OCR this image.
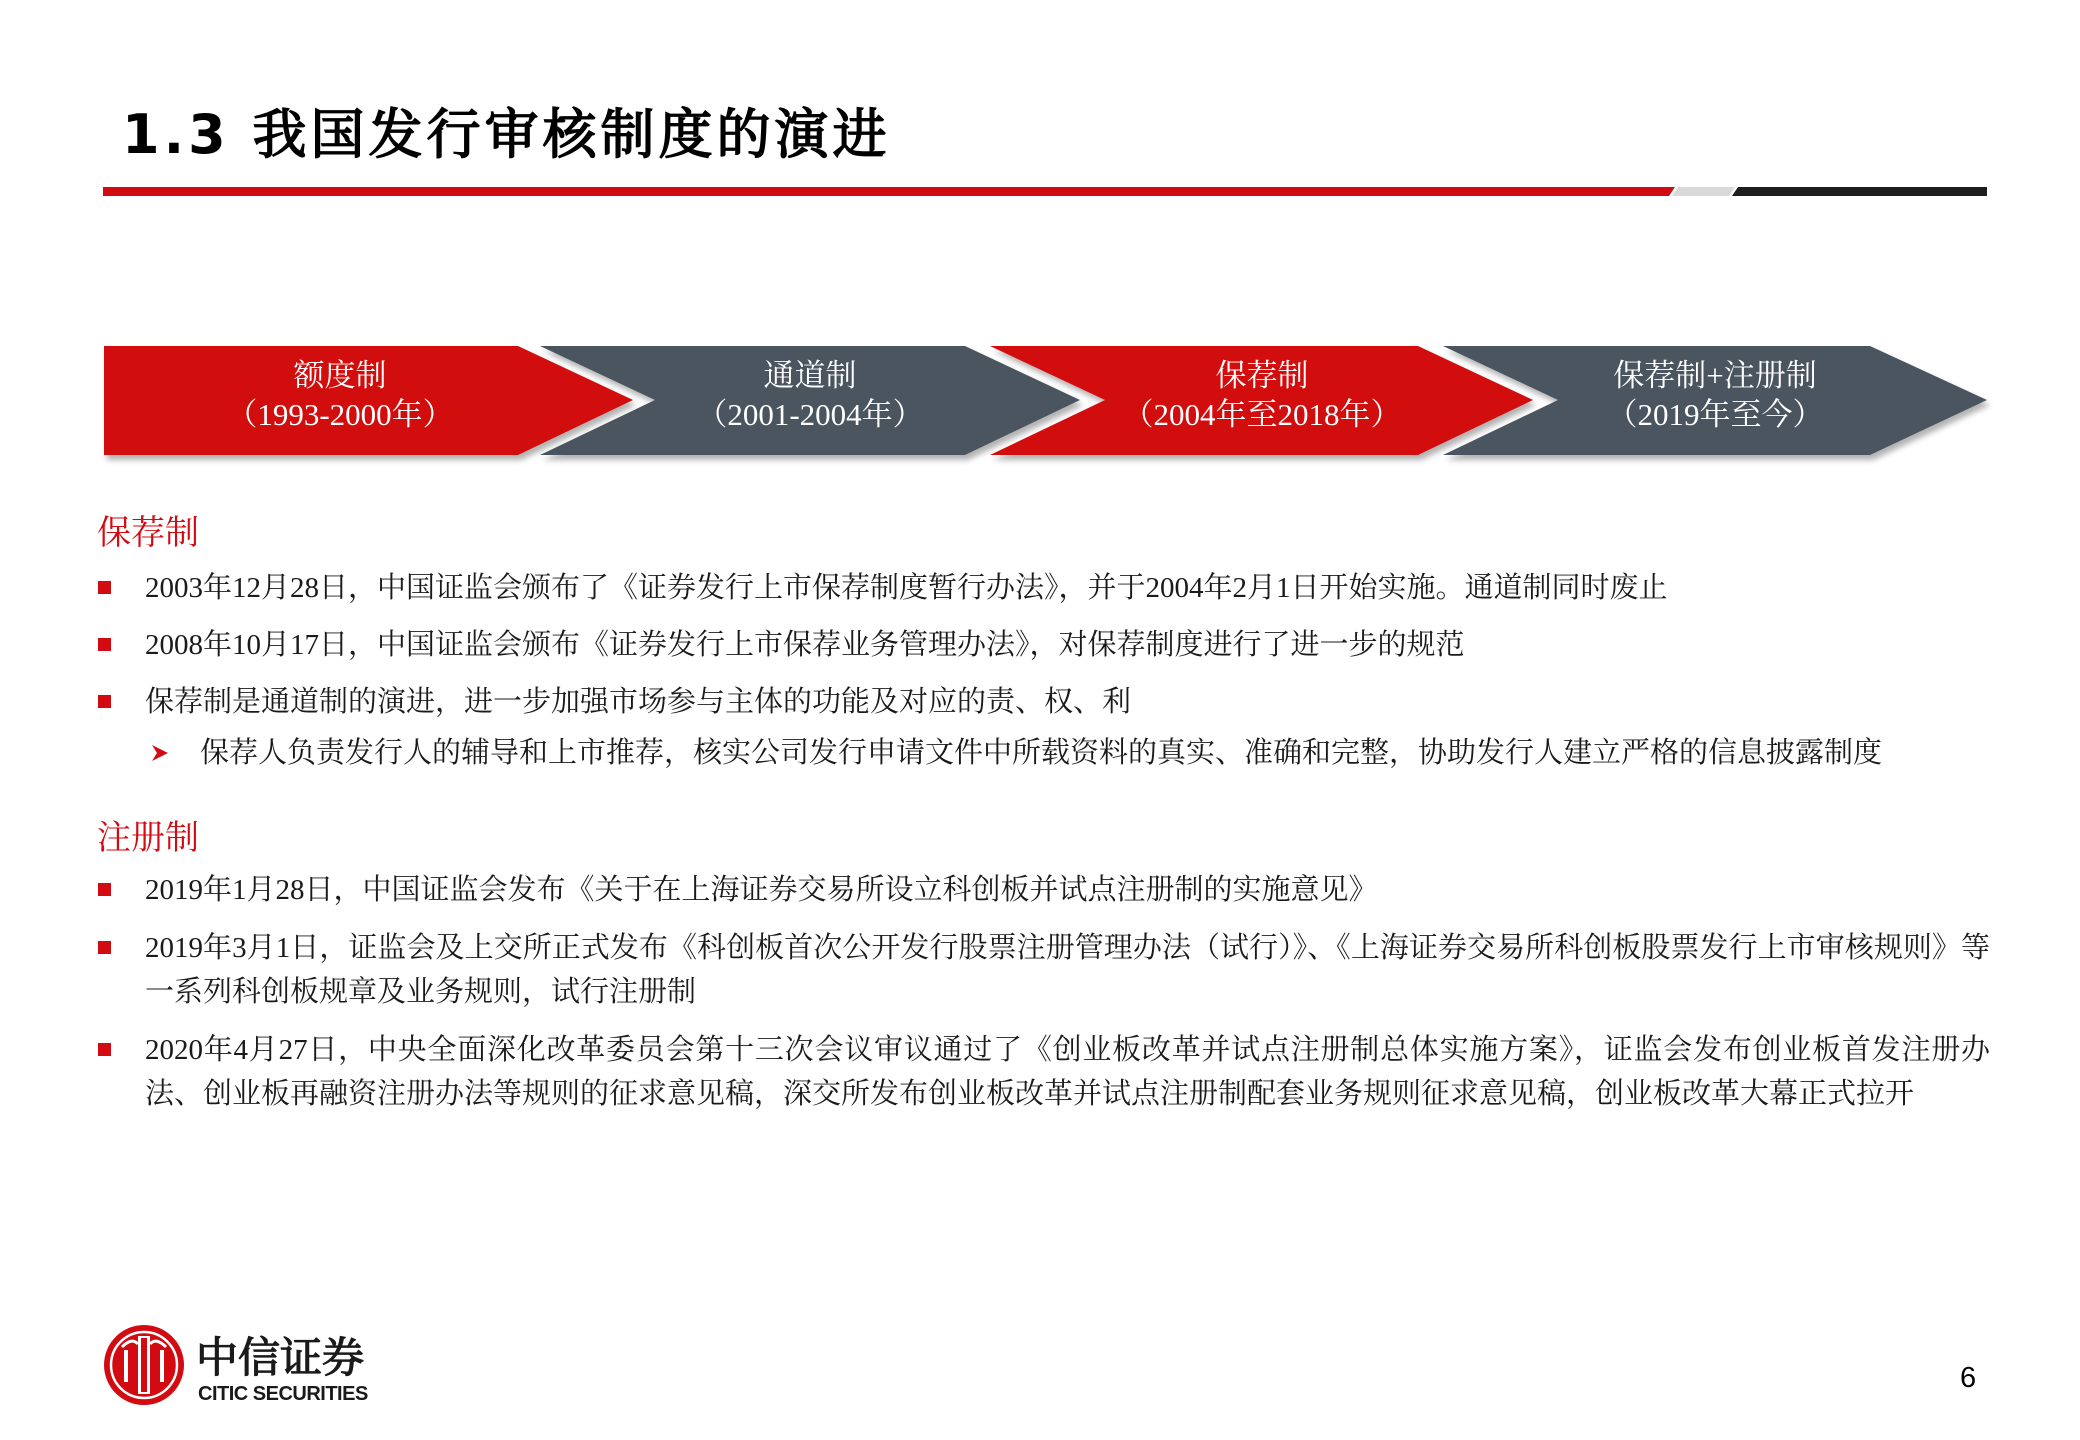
1.3 我国发行审核制度的演进
额度制
（1993-2000年）
通道制
（2001-2004年）
保荐制
（2004年至2018年）
保荐制+注册制
（2019年至今）
保荐制
2003年12月28日，中国证监会颁布了《证券发行上市保荐制度暂行办法》，并于2004年2月1日开始实施。通道制同时废止
2008年10月17日，中国证监会颁布《证券发行上市保荐业务管理办法》，对保荐制度进行了进一步的规范
保荐制是通道制的演进，进一步加强市场参与主体的功能及对应的责、权、利
保荐人负责发行人的辅导和上市推荐，核实公司发行申请文件中所载资料的真实、准确和完整，协助发行人建立严格的信息披露制度
注册制
2019年1月28日，中国证监会发布《关于在上海证券交易所设立科创板并试点注册制的实施意见》
2019年3月1日，证监会及上交所正式发布《科创板首次公开发行股票注册管理办法（试行）》、《上海证券交易所科创板股票发行上市审核规则》等一系列科创板规章及业务规则，试行注册制
2020年4月27日，中央全面深化改革委员会第十三次会议审议通过了《创业板改革并试点注册制总体实施方案》，证监会发布创业板首发注册办法、创业板再融资注册办法等规则的征求意见稿，深交所发布创业板改革并试点注册制配套业务规则征求意见稿，创业板改革大幕正式拉开
中信证券
CITIC SECURITIES	6
